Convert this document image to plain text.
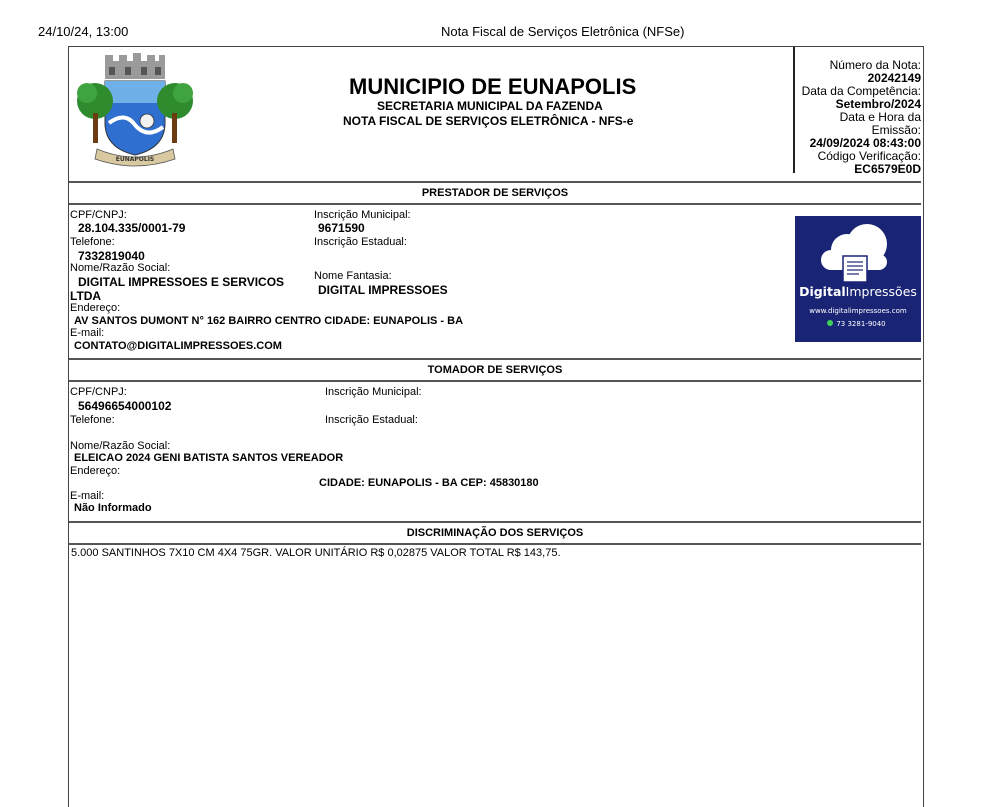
24/10/24, 13:00	Nota Fiscal de Serviços Eletrônica (NFSe)
EUNAPOLIS
MUNICIPIO DE EUNAPOLIS
SECRETARIA MUNICIPAL DA FAZENDA
NOTA FISCAL DE SERVIÇOS ELETRÔNICA - NFS-e
Número da Nota:
20242149
Data da Competência:
Setembro/2024
Data e Hora da Emissão:
24/09/2024 08:43:00
Código Verificação:
EC6579E0D
PRESTADOR DE SERVIÇOS
CPF/CNPJ:
28.104.335/0001-79
Inscrição Municipal:
9671590
Telefone:
7332819040
Inscrição Estadual:
Nome/Razão Social:
DIGITAL IMPRESSOES E SERVICOS
LTDA
Nome Fantasia:
DIGITAL IMPRESSOES
Endereço:
AV SANTOS DUMONT N° 162 BAIRRO CENTRO CIDADE: EUNAPOLIS - BA
E-mail:
CONTATO@DIGITALIMPRESSOES.COM
DigitalImpressões
www.digitalimpressoes.com
73 3281-9040
TOMADOR DE SERVIÇOS
CPF/CNPJ:
56496654000102
Inscrição Municipal:
Telefone:	Inscrição Estadual:
Nome/Razão Social:
ELEICAO 2024 GENI BATISTA SANTOS VEREADOR
Endereço:
CIDADE: EUNAPOLIS - BA CEP: 45830180
E-mail:
Não Informado
DISCRIMINAÇÃO DOS SERVIÇOS
5.000 SANTINHOS 7X10 CM 4X4 75GR. VALOR UNITÁRIO R$ 0,02875 VALOR TOTAL R$ 143,75.
